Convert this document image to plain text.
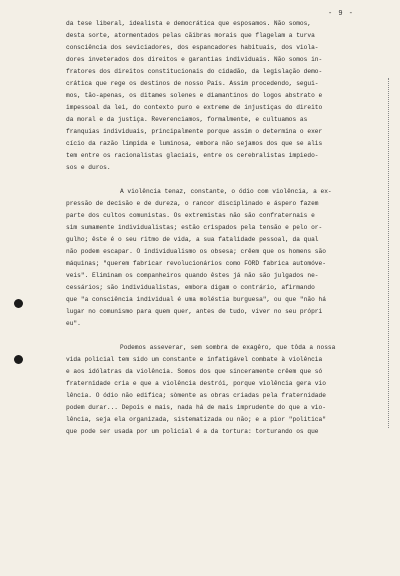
- 9 -
da tese liberal, idealista e democrática que esposamos. Não somos,
desta sorte, atormentados pelas cãibras morais que flagelam a turva
consciência dos seviciadores, dos espancadores habituais, dos viola-
dores inveterados dos direitos e garantias individuais. Não somos in-
fratores dos direitos constitucionais do cidadão, da legislação demo-
crática que rege os destinos de nosso País. Assim procedendo, segui-
mos, tão-apenas, os ditames solenes e diamantinos do logos abstrato e
impessoal da lei, do contexto puro e extreme de injustiças do direito
da moral e da justiça. Reverenciamos, formalmente, e cultuamos as
franquias individuais, principalmente porque assim o determina o exer
cício da razão límpida e luminosa, embora não sejamos dos que se alis
tem entre os racionalistas glaciais, entre os cerebralistas impiedo-
sos e duros.
A violência tenaz, constante, o ódio com violência, a ex-
pressão de decisão e de dureza, o rancor disciplinado e áspero fazem
parte dos cultos comunistas. Os extremistas não são confraternais e
sim sumamente individualistas; estão crispados pela tensão e pelo or-
gulho; êste é o seu ritmo de vida, a sua fatalidade pessoal, da qual
não podem escapar. O individualismo os obsesa; crêem que os homens são
máquinas; "querem fabricar revolucionários como FORD fabrica automóve-
veis". Eliminam os companheiros quando êstes já não são julgados ne-
cessários; são individualistas, embora digam o contrário, afirmando
que "a consciência individual é uma moléstia burguesa", ou que "não há
lugar no comunismo para quem quer, antes de tudo, viver no seu própri
eu".
Podemos asseverar, sem sombra de exagêro, que tôda a nossa
vida policial tem sido um constante e infatigável combate à violência
e aos idólatras da violência. Somos dos que sinceramente crêem que só
fraternidade cria e que a violência destrói, porque violência gera vio
lência. O ódio não edifica; sòmente as obras criadas pela fraternidade
podem durar... Depois e mais, nada há de mais imprudente do que a vio-
lência, seja ela organizada, sistematizada ou não; e a pior "politica"
que pode ser usada por um policial é a da tortura: torturando os que
